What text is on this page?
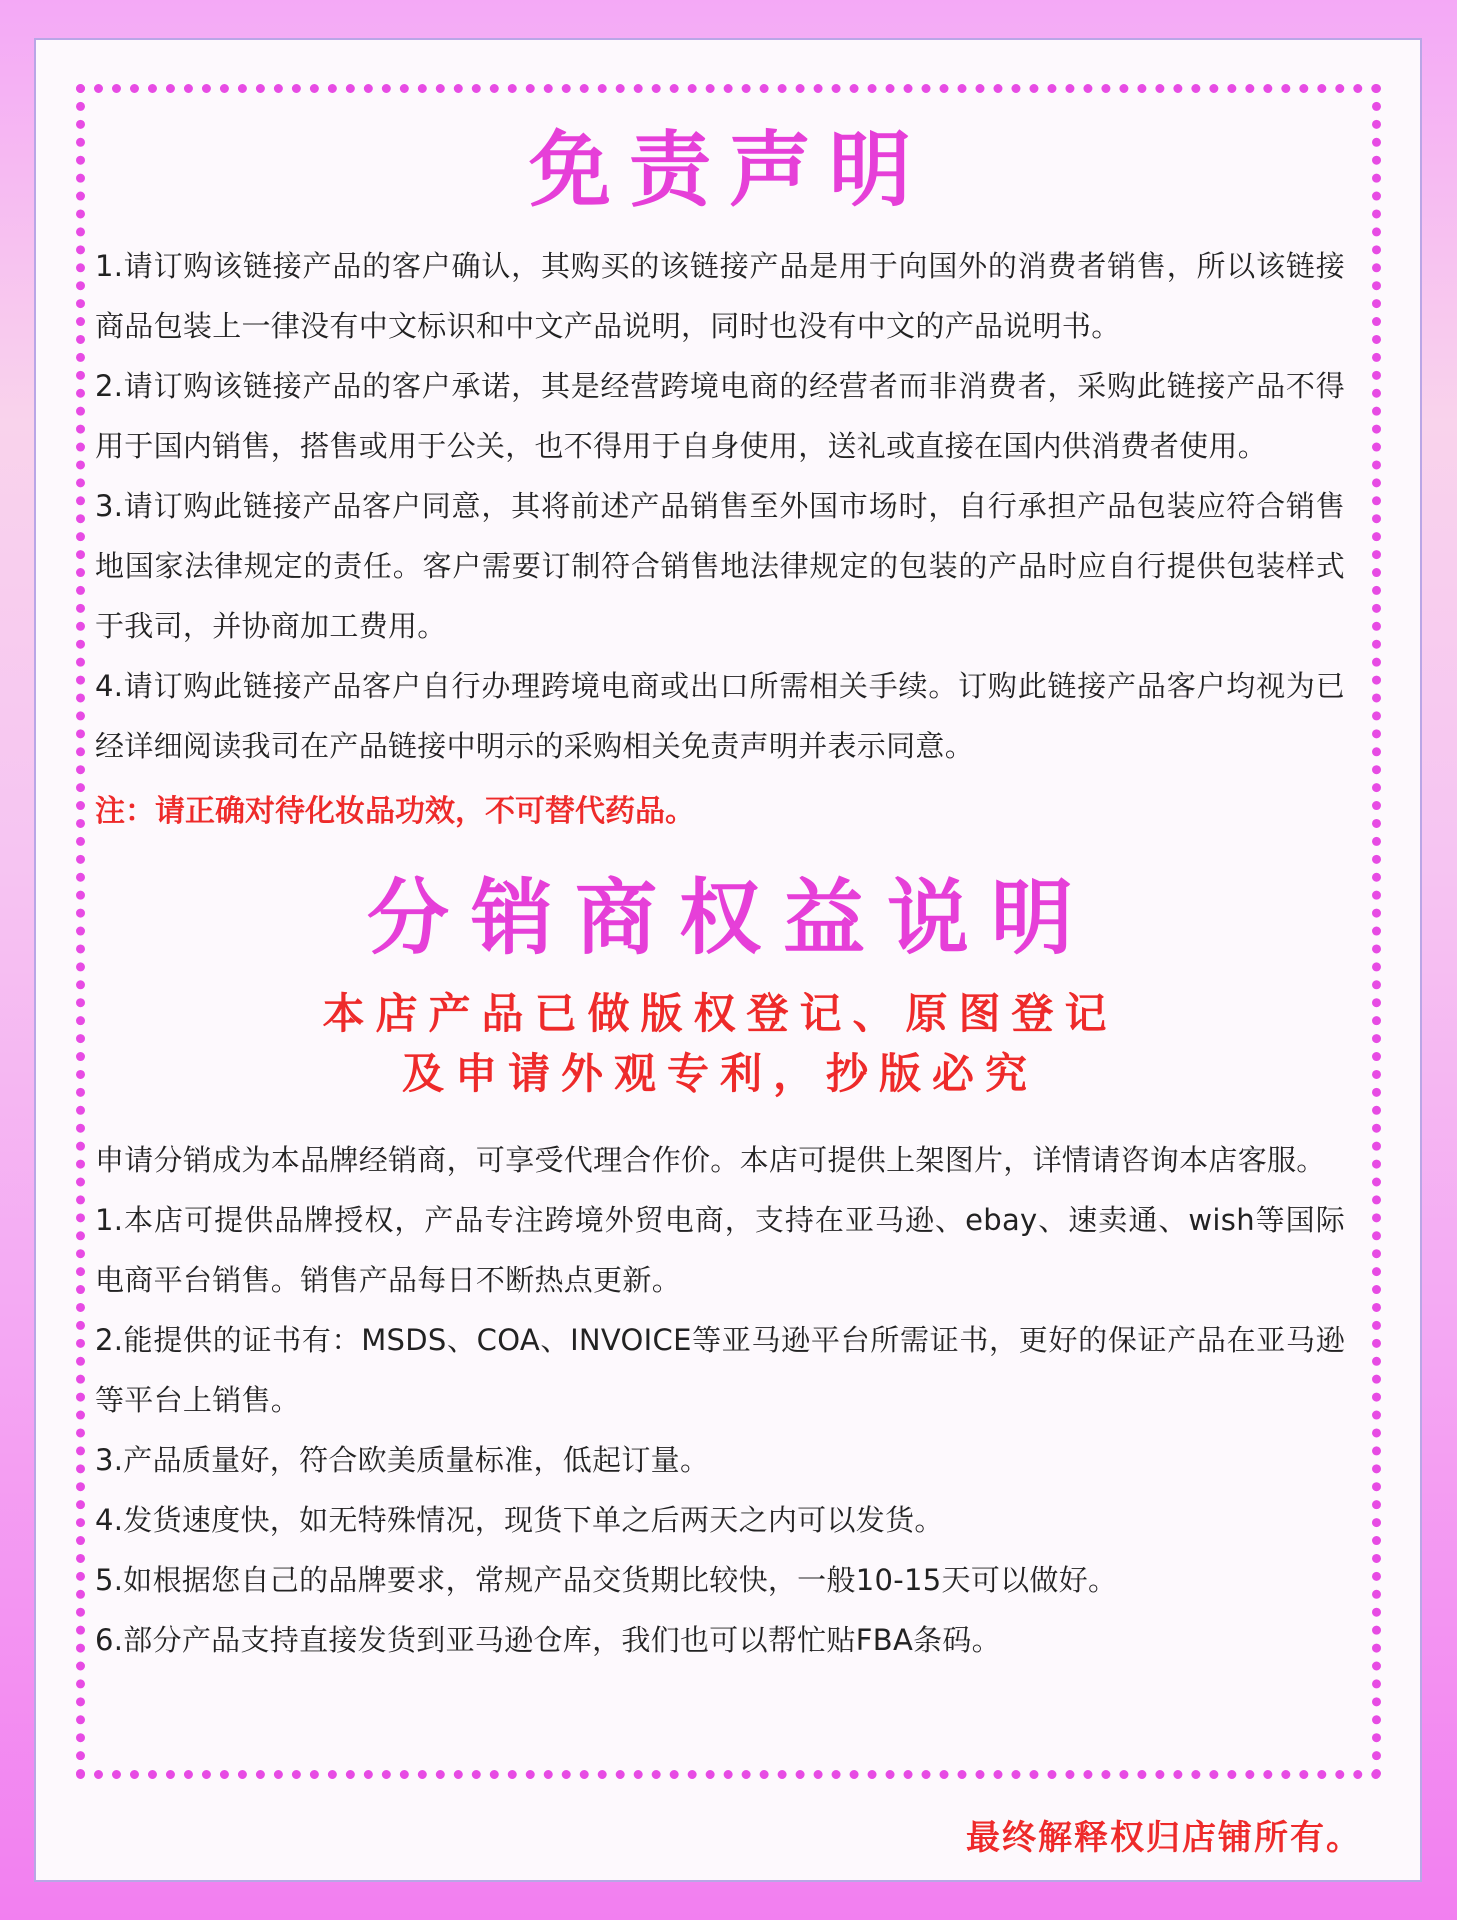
免责声明

1.请订购该链接产品的客户确认，其购买的该链接产品是用于向国外的消费者销售，所以该链接商品包装上一律没有中文标识和中文产品说明，同时也没有中文的产品说明书。

2.请订购该链接产品的客户承诺，其是经营跨境电商的经营者而非消费者，采购此链接产品不得用于国内销售，搭售或用于公关，也不得用于自身使用，送礼或直接在国内供消费者使用。

3.请订购此链接产品客户同意，其将前述产品销售至外国市场时，自行承担产品包装应符合销售地国家法律规定的责任。客户需要订制符合销售地法律规定的包装的产品时应自行提供包装样式于我司，并协商加工费用。

4.请订购此链接产品客户自行办理跨境电商或出口所需相关手续。订购此链接产品客户均视为已经详细阅读我司在产品链接中明示的采购相关免责声明并表示同意。

注：请正确对待化妆品功效，不可替代药品。

分销商权益说明

本店产品已做版权登记、原图登记

及申请外观专利，抄版必究

申请分销成为本品牌经销商，可享受代理合作价。本店可提供上架图片，详情请咨询本店客服。

1.本店可提供品牌授权，产品专注跨境外贸电商，支持在亚马逊、ebay、速卖通、wish等国际电商平台销售。销售产品每日不断热点更新。

2.能提供的证书有：MSDS、COA、INVOICE等亚马逊平台所需证书，更好的保证产品在亚马逊等平台上销售。

3.产品质量好，符合欧美质量标准，低起订量。

4.发货速度快，如无特殊情况，现货下单之后两天之内可以发货。

5.如根据您自己的品牌要求，常规产品交货期比较快，一般10-15天可以做好。

6.部分产品支持直接发货到亚马逊仓库，我们也可以帮忙贴FBA条码。

最终解释权归店铺所有。
